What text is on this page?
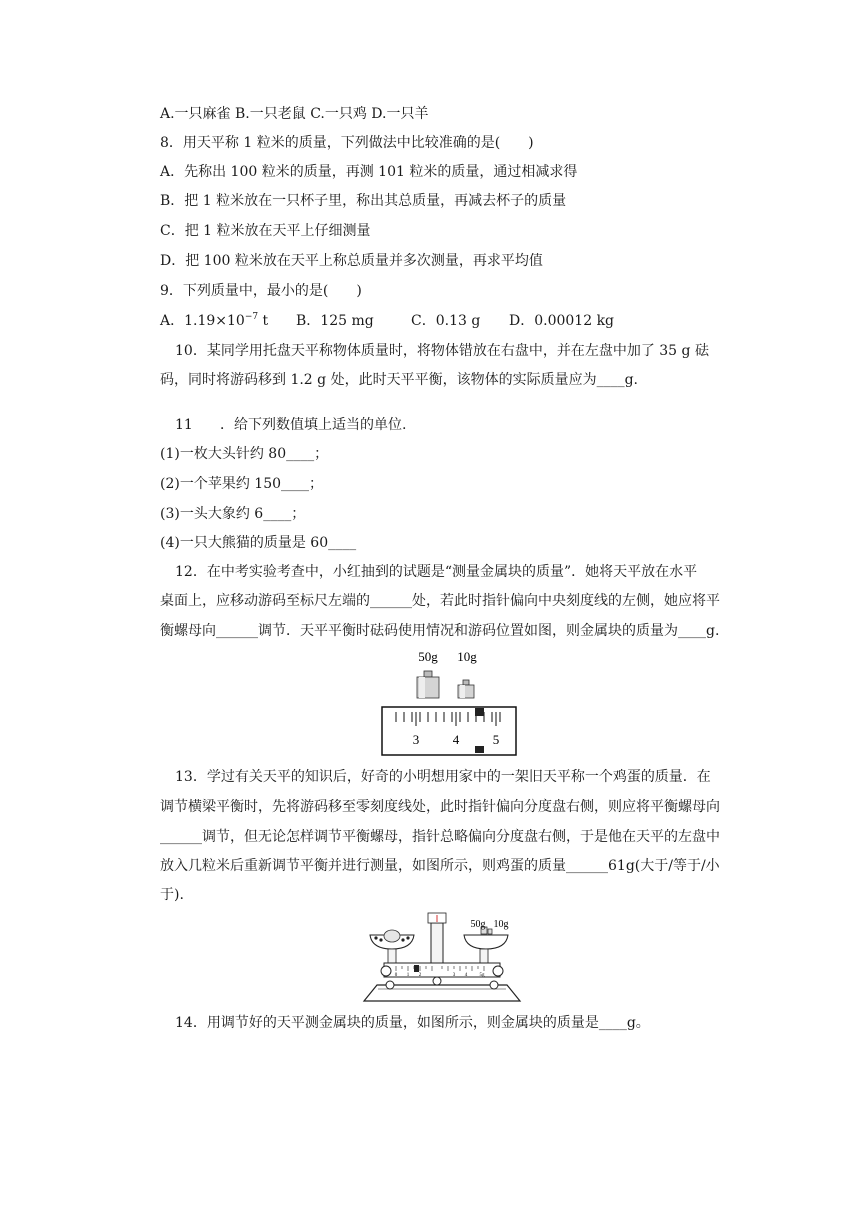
A.一只麻雀 B.一只老鼠 C.一只鸡 D.一只羊
8．用天平称 1 粒米的质量，下列做法中比较准确的是(　　)
A．先称出 100 粒米的质量，再测 101 粒米的质量，通过相减求得
B．把 1 粒米放在一只杯子里，称出其总质量，再减去杯子的质量
C．把 1 粒米放在天平上仔细测量
D．把 100 粒米放在天平上称总质量并多次测量，再求平均值
9．下列质量中，最小的是(　　)
A．$1.19\times 10^{-7}$ t B．125 mg	C．0.13 g D．0.00012 kg
10．某同学用托盘天平称物体质量时，将物体错放在右盘中，并在左盘中加了 35 g 砝
码，同时将游码移到 1.2 g 处，此时天平平衡，该物体的实际质量应为____g.
11 ．给下列数值填上适当的单位.
(1)一枚大头针约 80____；
(2)一个苹果约 150____；
(3)一头大象约 6____；
(4)一只大熊猫的质量是 60____
12．在中考实验考查中，小红抽到的试题是“测量金属块的质量”．她将天平放在水平
桌面上，应移动游码至标尺左端的______处，若此时指针偏向中央刻度线的左侧，她应将平
衡螺母向______调节．天平平衡时砝码使用情况和游码位置如图，则金属块的质量为____g.
50g 10g
3	4	5
13．学过有关天平的知识后，好奇的小明想用家中的一架旧天平称一个鸡蛋的质量．在
调节横梁平衡时，先将游码移至零刻度线处，此时指针偏向分度盘右侧，则应将平衡螺母向
______调节，但无论怎样调节平衡螺母，指针总略偏向分度盘右侧，于是他在天平的左盘中
放入几粒米后重新调节平衡并进行测量，如图所示，则鸡蛋的质量______61g(大于/等于/小
于).
50g 10g
0 1 2	3 4 5g
14．用调节好的天平测金属块的质量，如图所示，则金属块的质量是____g。
